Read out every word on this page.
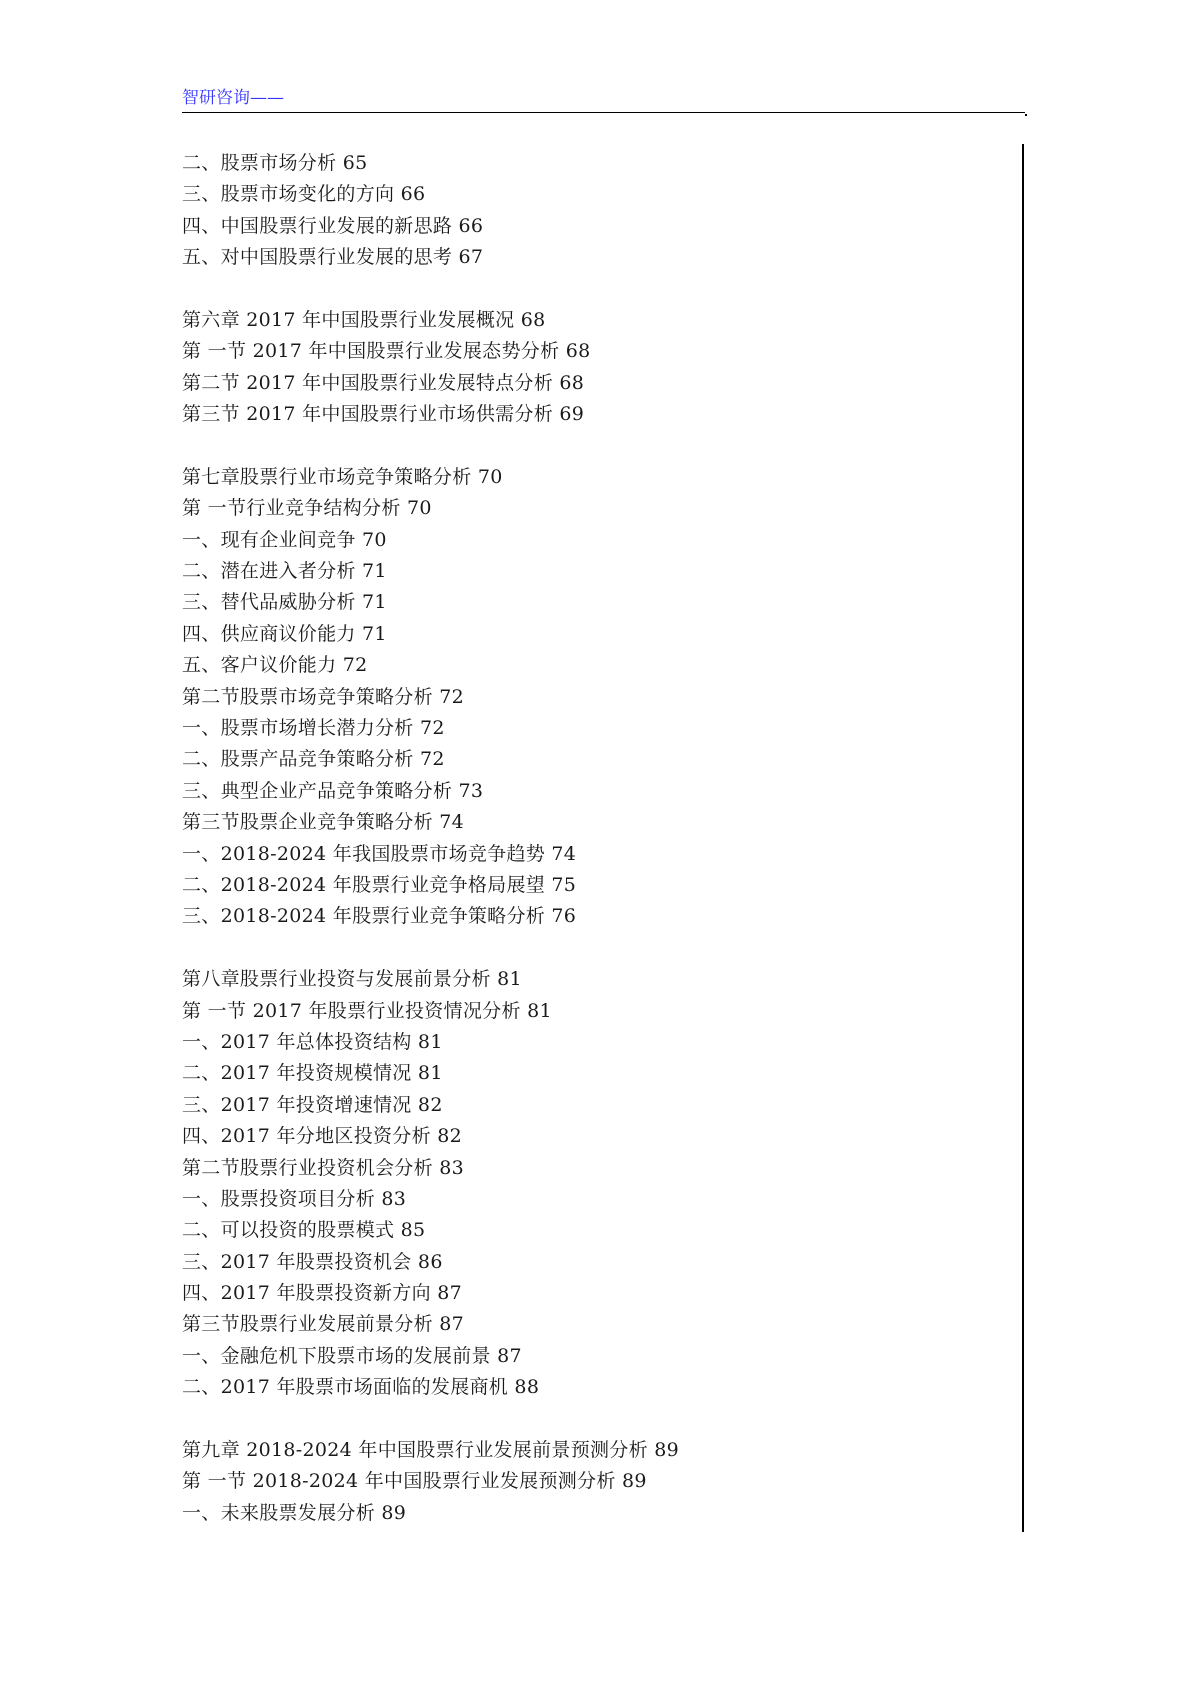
智研咨询——
二、股票市场分析 65
三、股票市场变化的方向 66
四、中国股票行业发展的新思路 66
五、对中国股票行业发展的思考 67
第六章 2017 年中国股票行业发展概况 68
第 一节 2017 年中国股票行业发展态势分析 68
第二节 2017 年中国股票行业发展特点分析 68
第三节 2017 年中国股票行业市场供需分析 69
第七章股票行业市场竞争策略分析 70
第 一节行业竞争结构分析 70
一、现有企业间竞争 70
二、潜在进入者分析 71
三、替代品威胁分析 71
四、供应商议价能力 71
五、客户议价能力 72
第二节股票市场竞争策略分析 72
一、股票市场增长潜力分析 72
二、股票产品竞争策略分析 72
三、典型企业产品竞争策略分析 73
第三节股票企业竞争策略分析 74
一、2018-2024 年我国股票市场竞争趋势 74
二、2018-2024 年股票行业竞争格局展望 75
三、2018-2024 年股票行业竞争策略分析 76
第八章股票行业投资与发展前景分析 81
第 一节 2017 年股票行业投资情况分析 81
一、2017 年总体投资结构 81
二、2017 年投资规模情况 81
三、2017 年投资增速情况 82
四、2017 年分地区投资分析 82
第二节股票行业投资机会分析 83
一、股票投资项目分析 83
二、可以投资的股票模式 85
三、2017 年股票投资机会 86
四、2017 年股票投资新方向 87
第三节股票行业发展前景分析 87
一、金融危机下股票市场的发展前景 87
二、2017 年股票市场面临的发展商机 88
第九章 2018-2024 年中国股票行业发展前景预测分析 89
第 一节 2018-2024 年中国股票行业发展预测分析 89
一、未来股票发展分析 89
